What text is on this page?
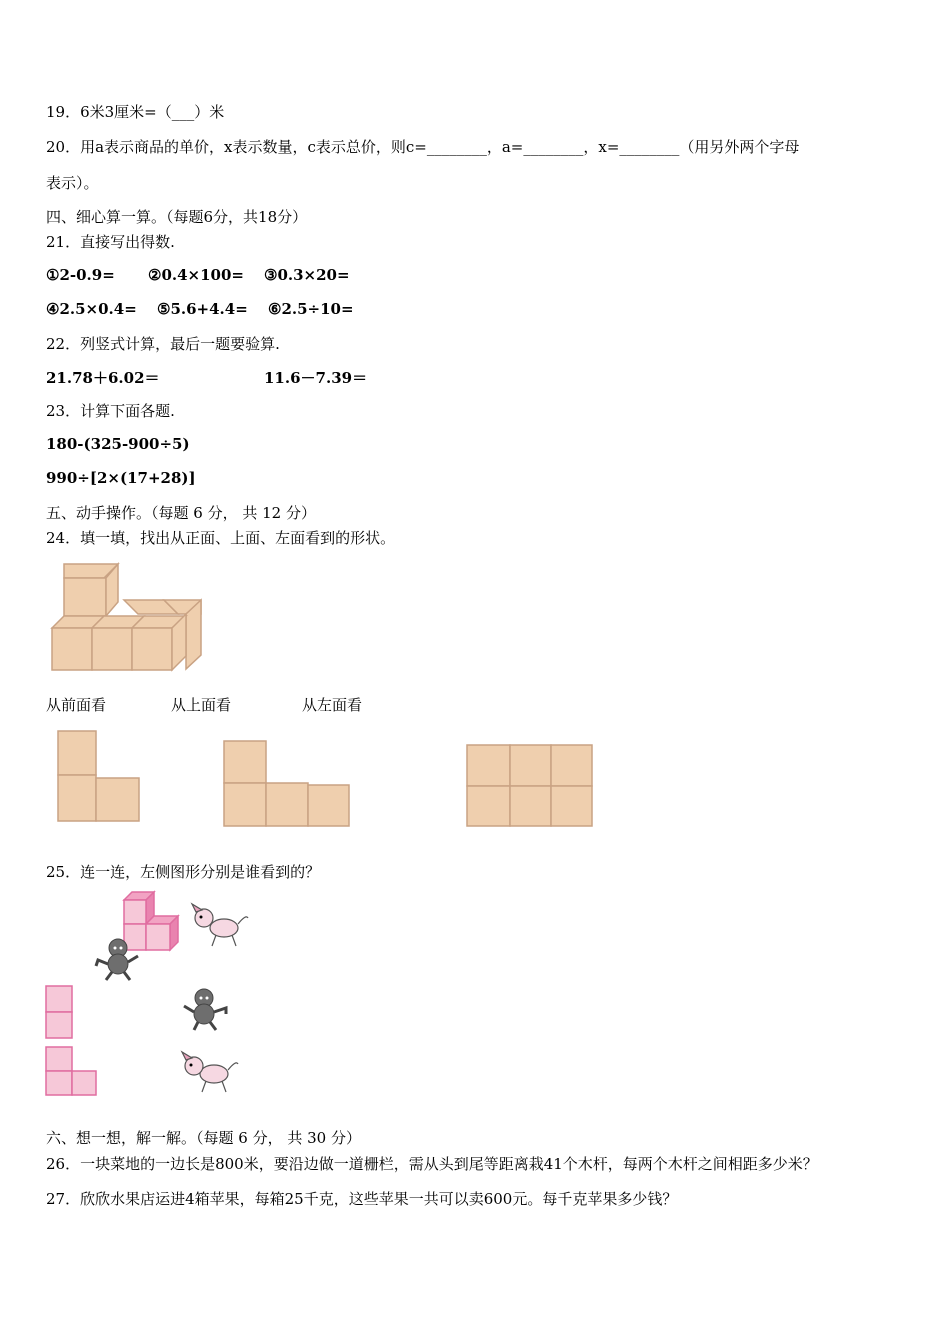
19．6米3厘米=（___）米
20．用a表示商品的单价，x表示数量，c表示总价，则c=________，a=________，x=________（用另外两个字母
表示）。
四、细心算一算。（每题6分，共18分）
21．直接写出得数.
①2-0.9= ②0.4×100= ③0.3×20=
④2.5×0.4= ⑤5.6+4.4= ⑥2.5÷10=
22．列竖式计算，最后一题要验算.
21.78＋6.02＝	11.6－7.39＝
23．计算下面各题.
180-(325-900÷5)
990÷[2×(17+28)]
五、动手操作。（每题 6 分， 共 12 分）
24．填一填，找出从正面、上面、左面看到的形状。
从前面看	从上面看	从左面看
25．连一连，左侧图形分别是谁看到的？
六、想一想，解一解。（每题 6 分， 共 30 分）
26．一块菜地的一边长是800米，要沿边做一道栅栏，需从头到尾等距离栽41个木杆，每两个木杆之间相距多少米？
27．欣欣水果店运进4箱苹果，每箱25千克，这些苹果一共可以卖600元。每千克苹果多少钱？
